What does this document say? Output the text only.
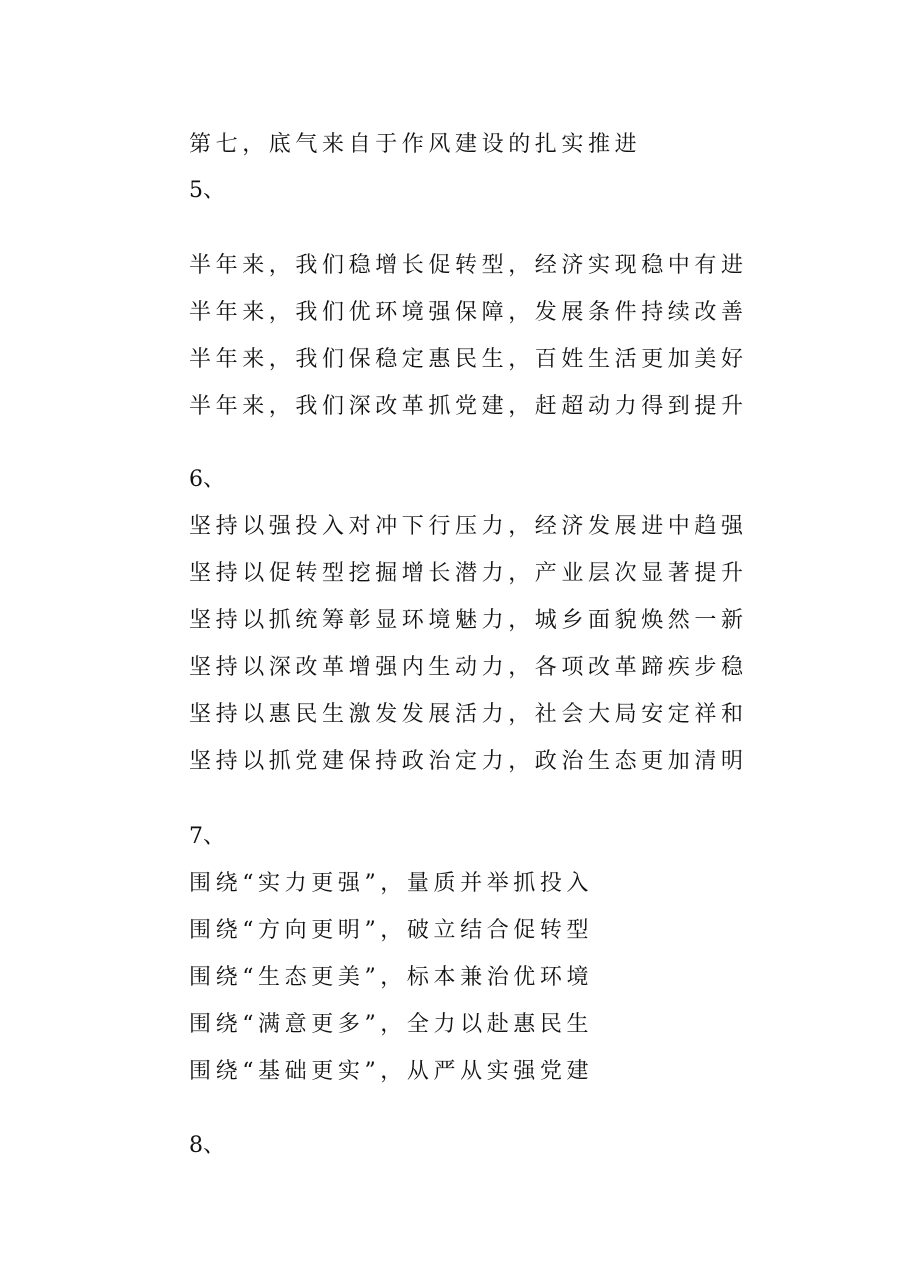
第七，底气来自于作风建设的扎实推进
5、
半年来，我们稳增长促转型，经济实现稳中有进
半年来，我们优环境强保障，发展条件持续改善
半年来，我们保稳定惠民生，百姓生活更加美好
半年来，我们深改革抓党建，赶超动力得到提升
6、
坚持以强投入对冲下行压力，经济发展进中趋强
坚持以促转型挖掘增长潜力，产业层次显著提升
坚持以抓统筹彰显环境魅力，城乡面貌焕然一新
坚持以深改革增强内生动力，各项改革蹄疾步稳
坚持以惠民生激发发展活力，社会大局安定祥和
坚持以抓党建保持政治定力，政治生态更加清明
7、
围绕“实力更强”，量质并举抓投入
围绕“方向更明”，破立结合促转型
围绕“生态更美”，标本兼治优环境
围绕“满意更多”，全力以赴惠民生
围绕“基础更实”，从严从实强党建
8、
